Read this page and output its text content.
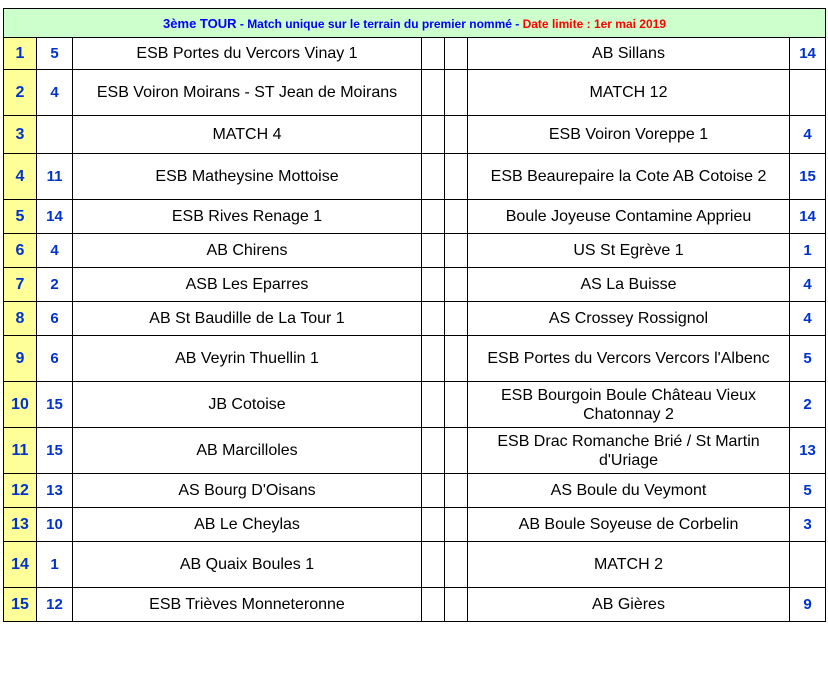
3ème TOUR - Match unique sur le terrain du premier nommé - Date limite : 1er mai 2019						
1	5	ESB Portes du Vercors Vinay 1			AB Sillans	14
2	4	ESB Voiron Moirans - ST Jean de Moirans			MATCH 12	
3		MATCH 4			ESB Voiron Voreppe 1	4
4	11	ESB Matheysine Mottoise			ESB Beaurepaire la Cote AB Cotoise 2	15
5	14	ESB Rives Renage 1			Boule Joyeuse Contamine Apprieu	14
6	4	AB Chirens			US St Egrève 1	1
7	2	ASB Les Eparres			AS La Buisse	4
8	6	AB St Baudille de La Tour 1			AS Crossey Rossignol	4
9	6	AB Veyrin Thuellin 1			ESB Portes du Vercors Vercors l'Albenc	5
10	15	JB Cotoise			ESB Bourgoin Boule Château Vieux Chatonnay 2	2
11	15	AB Marcilloles			ESB Drac Romanche Brié / St Martin d'Uriage	13
12	13	AS Bourg D'Oisans			AS Boule du Veymont	5
13	10	AB Le Cheylas			AB Boule Soyeuse de Corbelin	3
14	1	AB Quaix Boules 1			MATCH 2	
15	12	ESB Trièves Monneteronne			AB Gières	9
